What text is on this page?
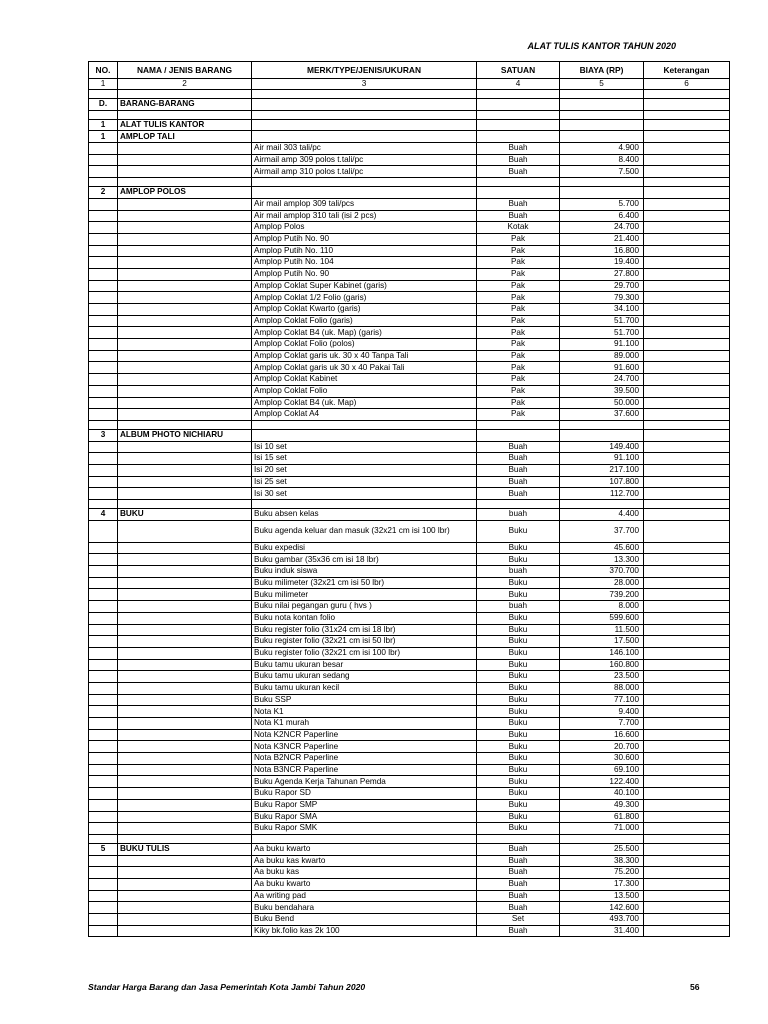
ALAT TULIS KANTOR TAHUN 2020
NO.	NAMA / JENIS BARANG	MERK/TYPE/JENIS/UKURAN	SATUAN	BIAYA (RP)	Keterangan
1	2	3	4	5	6

D.	BARANG-BARANG				

1	ALAT TULIS KANTOR				
1	AMPLOP TALI				
		Air mail 303 tali/pc	Buah	4.900	
		Airmail amp 309 polos t.tali/pc	Buah	8.400	
		Airmail amp 310 polos t.tali/pc	Buah	7.500	

2	AMPLOP POLOS				
		Air mail amplop 309 tali/pcs	Buah	5.700	
		Air mail amplop 310 tali (isi 2 pcs)	Buah	6.400	
		Amplop Polos	Kotak	24.700	
		Amplop Putih No. 90	Pak	21.400	
		Amplop Putih No. 110	Pak	16.800	
		Amplop Putih No. 104	Pak	19.400	
		Amplop Putih No. 90	Pak	27.800	
		Amplop Coklat Super Kabinet (garis)	Pak	29.700	
		Amplop Coklat 1/2 Folio (garis)	Pak	79.300	
		Amplop Coklat Kwarto (garis)	Pak	34.100	
		Amplop Coklat Folio (garis)	Pak	51.700	
		Amplop Coklat B4 (uk. Map) (garis)	Pak	51.700	
		Amplop Coklat Folio (polos)	Pak	91.100	
		Amplop Coklat garis uk. 30 x 40 Tanpa Tali	Pak	89.000	
		Amplop Coklat garis uk 30 x 40 Pakai Tali	Pak	91.600	
		Amplop Coklat Kabinet	Pak	24.700	
		Amplop Coklat Folio	Pak	39.500	
		Amplop Coklat B4 (uk. Map)	Pak	50.000	
		Amplop Coklat A4	Pak	37.600	

3	ALBUM PHOTO NICHIARU				
		Isi 10 set	Buah	149.400	
		Isi 15 set	Buah	91.100	
		Isi 20 set	Buah	217.100	
		Isi 25 set	Buah	107.800	
		Isi 30 set	Buah	112.700	

4	BUKU	Buku absen kelas	buah	4.400	
		Buku agenda keluar dan masuk (32x21 cm isi 100 lbr)	Buku	37.700	
		Buku expedisi	Buku	45.600	
		Buku gambar (35x36 cm isi 18 lbr)	Buku	13.300	
		Buku induk siswa	buah	370.700	
		Buku milimeter (32x21 cm isi 50 lbr)	Buku	28.000	
		Buku milimeter	Buku	739.200	
		Buku nilai pegangan guru ( hvs )	buah	8.000	
		Buku nota kontan folio	Buku	599.600	
		Buku register folio (31x24 cm isi 18 lbr)	Buku	11.500	
		Buku register folio (32x21 cm isi 50 lbr)	Buku	17.500	
		Buku register folio (32x21 cm isi 100 lbr)	Buku	146.100	
		Buku tamu ukuran besar	Buku	160.800	
		Buku tamu ukuran sedang	Buku	23.500	
		Buku tamu ukuran kecil	Buku	88.000	
		Buku SSP	Buku	77.100	
		Nota K1	Buku	9.400	
		Nota K1 murah	Buku	7.700	
		Nota K2NCR Paperline	Buku	16.600	
		Nota K3NCR Paperline	Buku	20.700	
		Nota B2NCR Paperline	Buku	30.600	
		Nota B3NCR Paperline	Buku	69.100	
		Buku Agenda Kerja Tahunan Pemda	Buku	122.400	
		Buku Rapor SD	Buku	40.100	
		Buku Rapor SMP	Buku	49.300	
		Buku Rapor SMA	Buku	61.800	
		Buku Rapor SMK	Buku	71.000	

5	BUKU TULIS	Aa buku kwarto	Buah	25.500	
		Aa buku kas kwarto	Buah	38.300	
		Aa buku kas	Buah	75.200	
		Aa buku kwarto	Buah	17.300	
		Aa writing pad	Buah	13.500	
		Buku bendahara	Buah	142.600	
		Buku Bend	Set	493.700	
		Kiky bk.folio kas 2k 100	Buah	31.400	
Standar Harga Barang dan Jasa Pemerintah Kota Jambi Tahun 2020	56
